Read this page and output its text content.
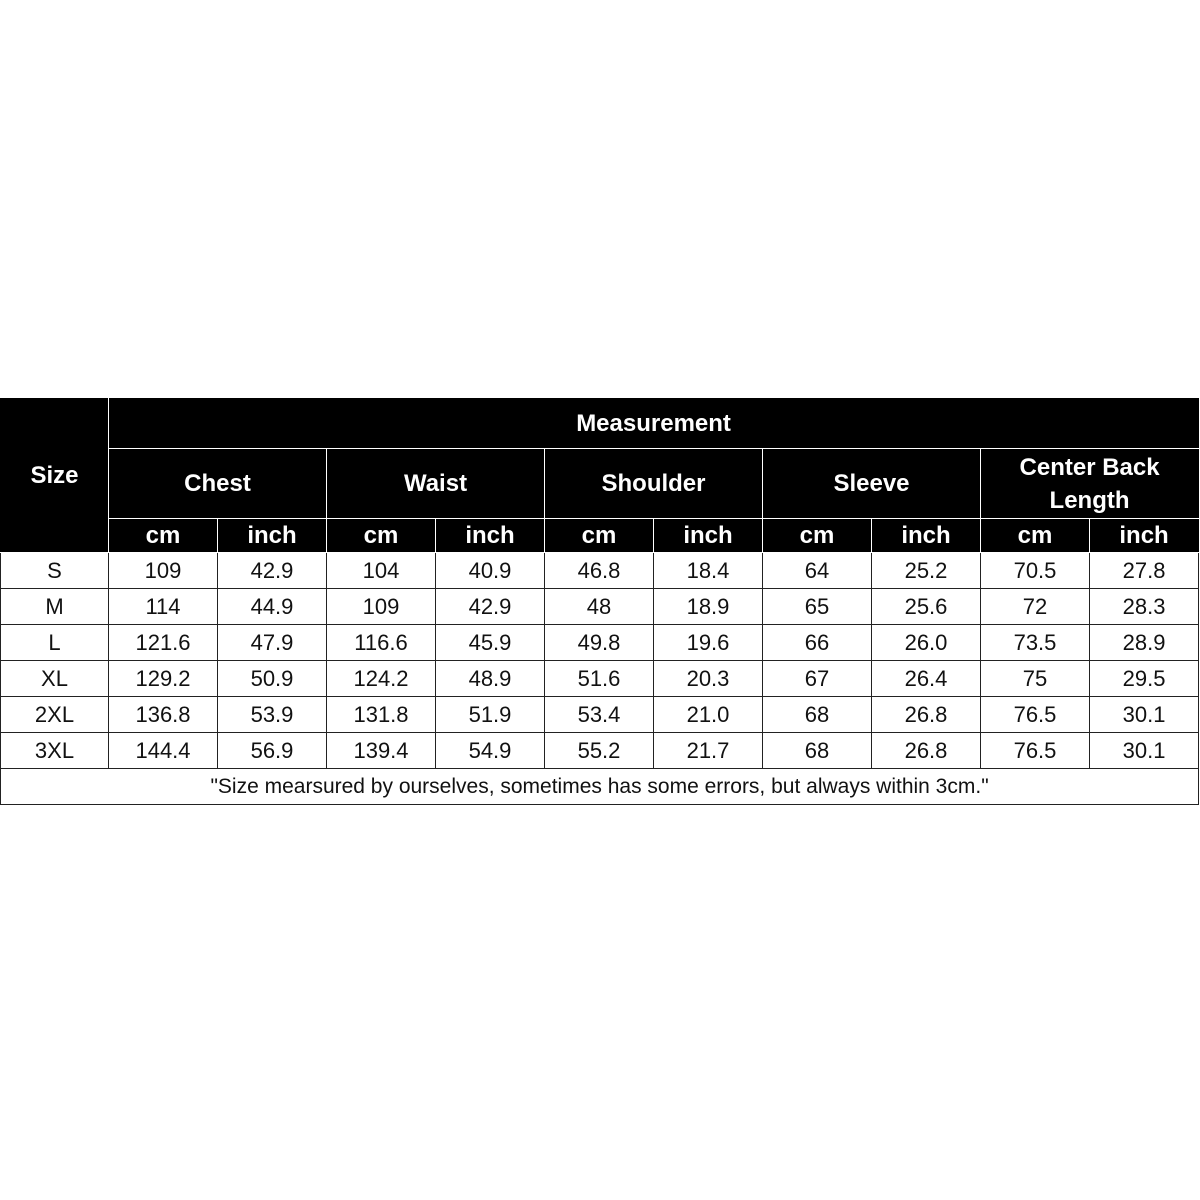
Size	Measurement									
	Chest		Waist		Shoulder		Sleeve		Center Back Length	
	cm	inch	cm	inch	cm	inch	cm	inch	cm	inch
S	109	42.9	104	40.9	46.8	18.4	64	25.2	70.5	27.8
M	114	44.9	109	42.9	48	18.9	65	25.6	72	28.3
L	121.6	47.9	116.6	45.9	49.8	19.6	66	26.0	73.5	28.9
XL	129.2	50.9	124.2	48.9	51.6	20.3	67	26.4	75	29.5
2XL	136.8	53.9	131.8	51.9	53.4	21.0	68	26.8	76.5	30.1
3XL	144.4	56.9	139.4	54.9	55.2	21.7	68	26.8	76.5	30.1
"Size mearsured by ourselves, sometimes has some errors, but always within 3cm."										
